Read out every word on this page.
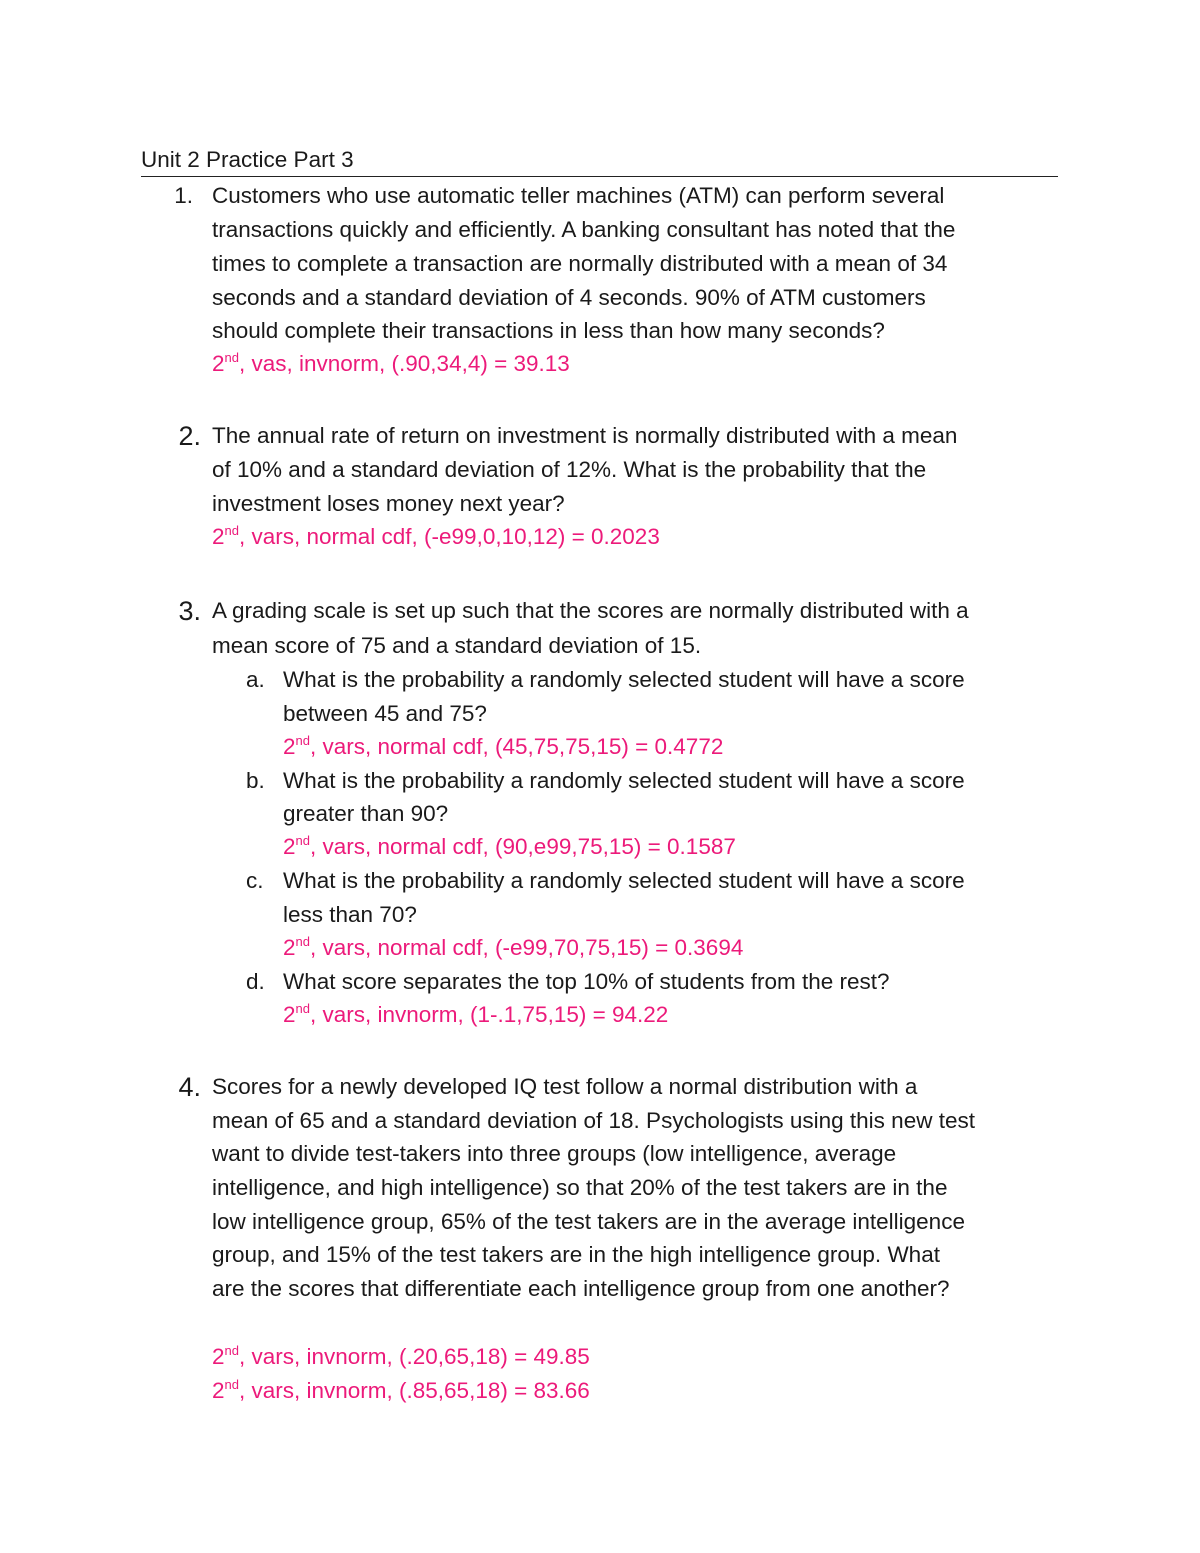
Unit 2 Practice Part 3
1. Customers who use automatic teller machines (ATM) can perform several
transactions quickly and efficiently. A banking consultant has noted that the
times to complete a transaction are normally distributed with a mean of 34
seconds and a standard deviation of 4 seconds. 90% of ATM customers
should complete their transactions in less than how many seconds?
2nd, vas, invnorm, (.90,34,4) = 39.13
2. The annual rate of return on investment is normally distributed with a mean
of 10% and a standard deviation of 12%. What is the probability that the
investment loses money next year?
2nd, vars, normal cdf, (-e99,0,10,12) = 0.2023
3. A grading scale is set up such that the scores are normally distributed with a
mean score of 75 and a standard deviation of 15.
a. What is the probability a randomly selected student will have a score
between 45 and 75?
2nd, vars, normal cdf, (45,75,75,15) = 0.4772
b. What is the probability a randomly selected student will have a score
greater than 90?
2nd, vars, normal cdf, (90,e99,75,15) = 0.1587
c. What is the probability a randomly selected student will have a score
less than 70?
2nd, vars, normal cdf, (-e99,70,75,15) = 0.3694
d. What score separates the top 10% of students from the rest?
2nd, vars, invnorm, (1-.1,75,15) = 94.22
4. Scores for a newly developed IQ test follow a normal distribution with a
mean of 65 and a standard deviation of 18. Psychologists using this new test
want to divide test-takers into three groups (low intelligence, average
intelligence, and high intelligence) so that 20% of the test takers are in the
low intelligence group, 65% of the test takers are in the average intelligence
group, and 15% of the test takers are in the high intelligence group. What
are the scores that differentiate each intelligence group from one another?
2nd, vars, invnorm, (.20,65,18) = 49.85
2nd, vars, invnorm, (.85,65,18) = 83.66
